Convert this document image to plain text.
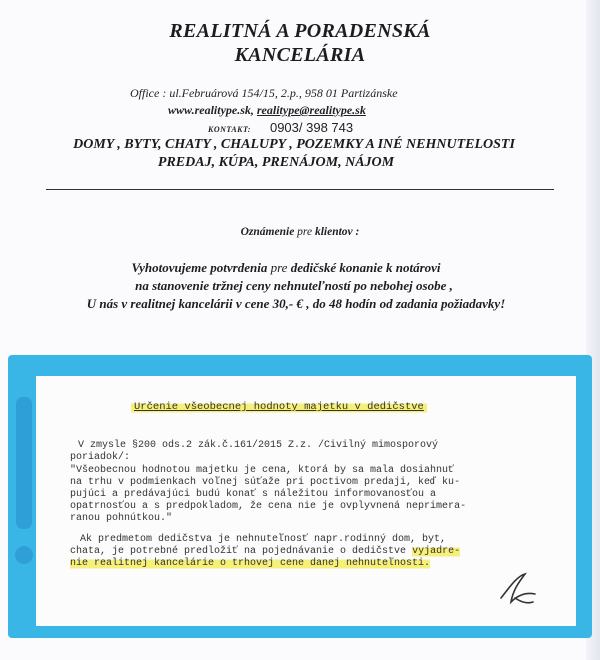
REALITNÁ A PORADENSKÁ
KANCELÁRIA
Office : ul.Februárová 154/15, 2.p., 958 01 Partizánske
www.realitype.sk, realitype@realitype.sk
KONTAKT: 0903/ 398 743
DOMY , BYTY, CHATY , CHALUPY , POZEMKY A INÉ NEHNUTELOSTI
PREDAJ, KÚPA, PRENÁJOM, NÁJOM
Oznámenie pre klientov :
Vyhotovujeme potvrdenia pre dedičské konanie k notárovi
na stanovenie tržnej ceny nehnuteľností po nebohej osobe ,
U nás v realitnej kancelárii v cene 30,- € , do 48 hodín od zadania požiadavky!
Určenie všeobecnej hodnoty majetku v dedičstve
V zmysle §200 ods.2 zák.č.161/2015 Z.z. /Civilný mimosporový
poriadok/:
"Všeobecnou hodnotou majetku je cena, ktorá by sa mala dosiahnuť
na trhu v podmienkach voľnej súťaže pri poctivom predaji, keď ku-
pujúci a predávajúci budú konať s náležitou informovanosťou a
opatrnosťou a s predpokladom, že cena nie je ovplyvnená neprimera-
ranou pohnútkou."
Ak predmetom dedičstva je nehnuteľnosť napr.rodinný dom, byt,
chata, je potrebné predložiť na pojednávanie o dedičstve vyjadre-
nie realitnej kancelárie o trhovej cene danej nehnuteľnosti.
